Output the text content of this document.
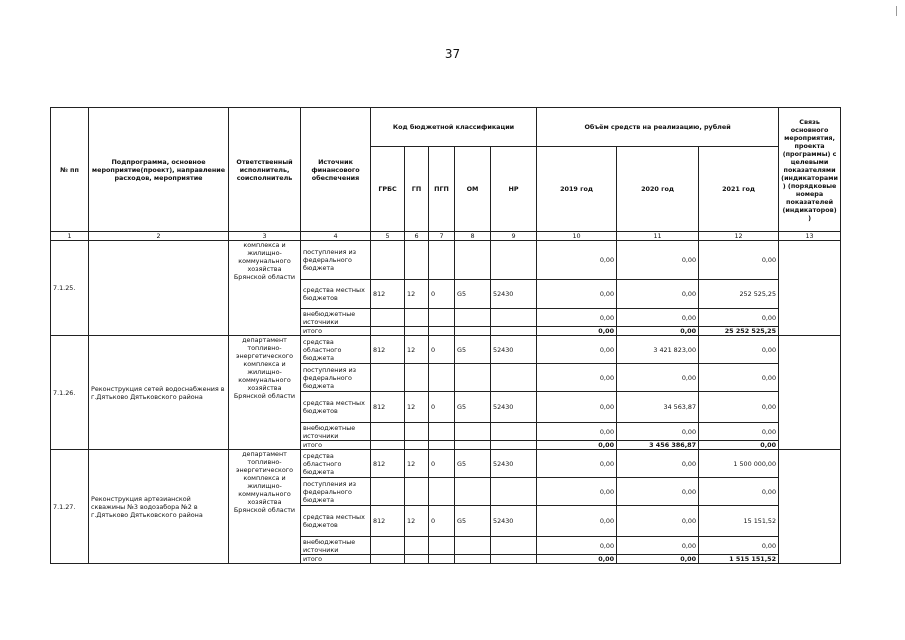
37
№ пп	Подпрограмма, основное мероприятие(проект), направление расходов, мероприятие	Ответственный исполнитель, соисполнитель	Источник финансового обеспечения	Код бюджетной классификации					Объём средств на реализацию, рублей			Связь основного мероприятия, проекта (программы) с целевыми показателями (индикаторами) (порядковые номера показателей (индикаторов))
				ГРБС	ГП	ПГП	ОМ	НР	2019 год	2020 год	2021 год	
1	2	3	4	5	6	7	8	9	10	11	12	13
7.1.25.		комплекса и жилищно-коммунального хозяйства Брянской области	поступления из федерального бюджета						0,00	0,00	0,00	
			средства местных бюджетов	812	12	0	G5	52430	0,00	0,00	252 525,25	
			внебюджетные источники						0,00	0,00	0,00	
			итого						0,00	0,00	25 252 525,25	
7.1.26.	Реконструкция сетей водоснабжения в г.Дятьково Дятьковского района	департамент топливно-энергетического комплекса и жилищно-коммунального хозяйства Брянской области	средства областного бюджета	812	12	0	G5	52430	0,00	3 421 823,00	0,00	
			поступления из федерального бюджета						0,00	0,00	0,00	
			средства местных бюджетов	812	12	0	G5	52430	0,00	34 563,87	0,00	
			внебюджетные источники						0,00	0,00	0,00	
			итого						0,00	3 456 386,87	0,00	
7.1.27.	Реконструкция артезианской скважины №3 водозабора №2 в г.Дятьково Дятьковского района	департамент топливно-энергетического комплекса и жилищно-коммунального хозяйства Брянской области	средства областного бюджета	812	12	0	G5	52430	0,00	0,00	1 500 000,00	
			поступления из федерального бюджета						0,00	0,00	0,00	
			средства местных бюджетов	812	12	0	G5	52430	0,00	0,00	15 151,52	
			внебюджетные источники						0,00	0,00	0,00	
			итого						0,00	0,00	1 515 151,52	
